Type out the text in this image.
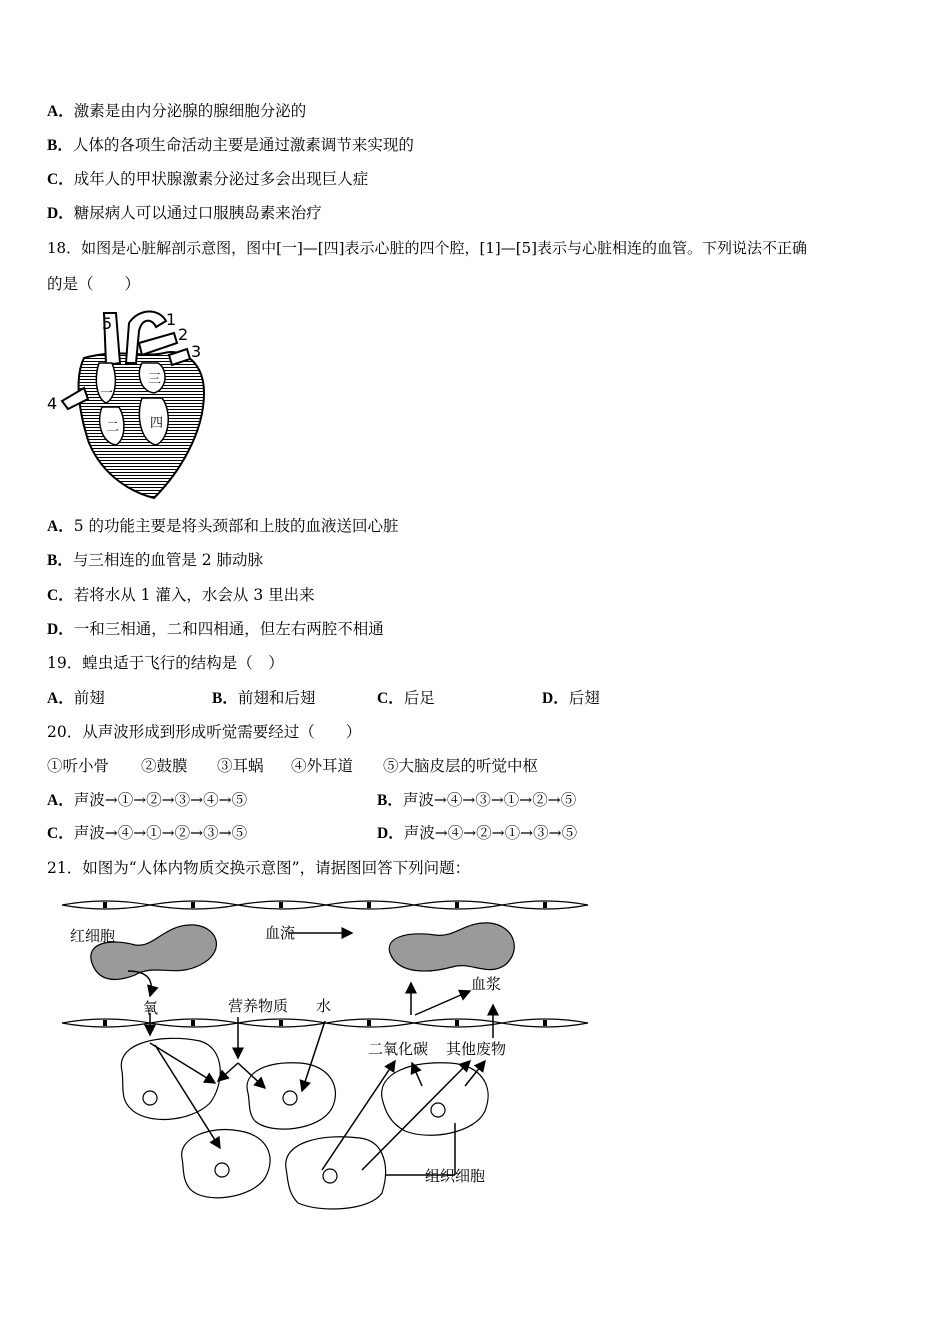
A．激素是由内分泌腺的腺细胞分泌的
B．人体的各项生命活动主要是通过激素调节来实现的
C．成年人的甲状腺激素分泌过多会出现巨人症
D．糖尿病人可以通过口服胰岛素来治疗
18．如图是心脏解剖示意图，图中[一]—[四]表示心脏的四个腔，[1]—[5]表示与心脏相连的血管。下列说法不正确
的是（　　）
5	1
2
3
4
一
二
三
四
A．5 的功能主要是将头颈部和上肢的血液送回心脏
B．与三相连的血管是 2 肺动脉
C．若将水从 1 灌入，水会从 3 里出来
D．一和三相通，二和四相通，但左右两腔不相通
19．蝗虫适于飞行的结构是（　）
A．前翅	B．前翅和后翅	C．后足	D．后翅
20．从声波形成到形成听觉需要经过（　　）
①听小骨 ②鼓膜 ③耳蜗 ④外耳道 ⑤大脑皮层的听觉中枢
A．声波→①→②→③→④→⑤	B．声波→④→③→①→②→⑤
C．声波→④→①→②→③→⑤	D．声波→④→②→①→③→⑤
21．如图为“人体内物质交换示意图”，请据图回答下列问题：
红细胞	血流
氧	营养物质 水
血浆
二氧化碳 其他废物
组织细胞
